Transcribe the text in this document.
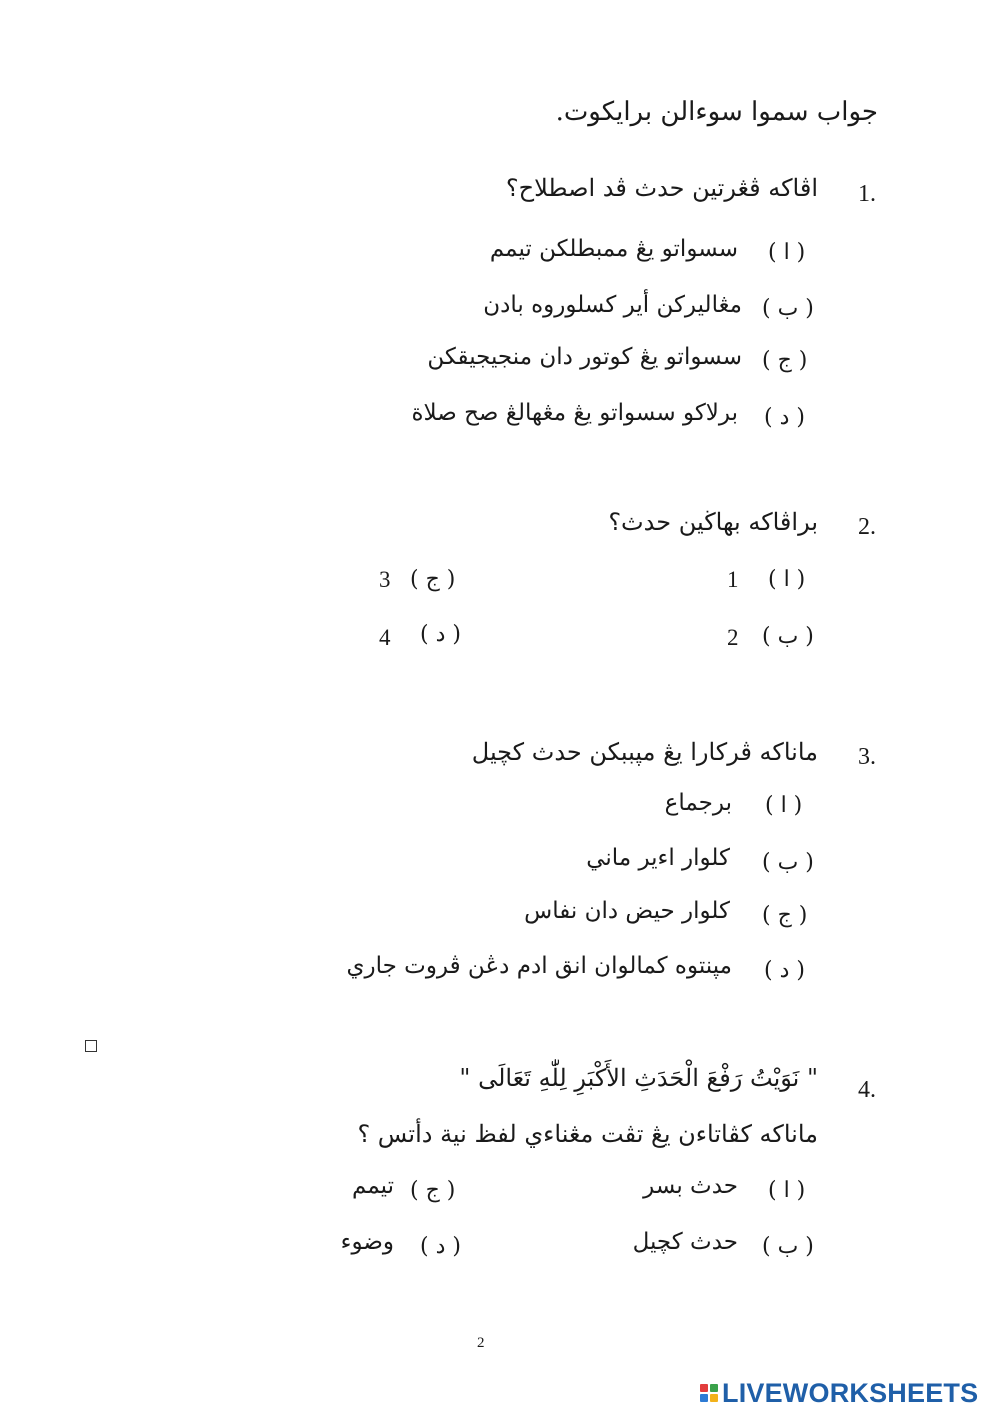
جواب سموا سوءالن برايکوت.
1.
اڤاکه ڤڠرتين حدث ڤد اصطلاح؟
( ا )
سسواتو يڠ ممبطلکن تيمم
( ب )
مڠاليرکن أير کسلوروه بادن
( ج )
سسواتو يڠ کوتور دان منجيجيقکن
( د )
برلاکو سسواتو يڠ مڠهالڠ صح صلاة
2.
براڤاکه بهاڬين حدث؟
( ا )
1
( ج )
3
( ب )
2
( د )
4
3.
ماناکه ڤرکارا يڠ مڽببکن حدث کچيل
( ا )
برجماع
( ب )
کلوار اءير ماني
( ج )
کلوار حيض دان نفاس
( د )
مڽنتوه کمالوان انق ادم دڠن ڤروت جاري
4.
" نَوَيْتُ رَفْعَ الْحَدَثِ الأَكْبَرِ لِلّٰهِ تَعَالَى "
ماناکه کڤاتاءن يڠ تڤت مڠناءي لفظ نية دأتس ؟
( ا )
حدث بسر
( ج )
تيمم
( ب )
حدث کچيل
( د )
وضوء
2
LIVEWORKSHEETS
